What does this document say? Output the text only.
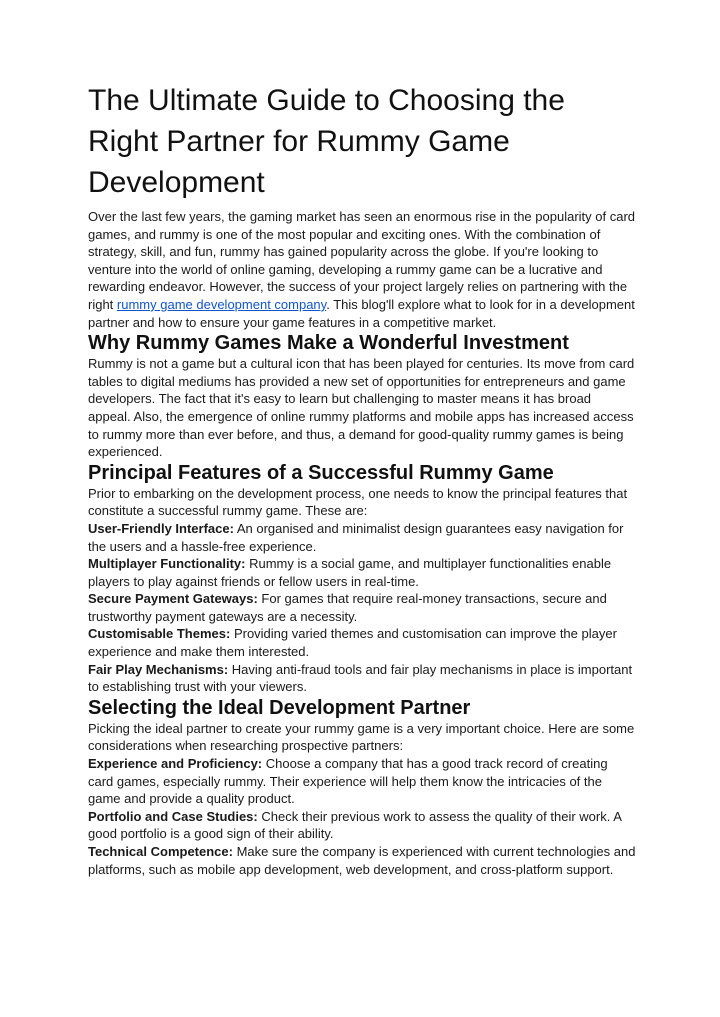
The Ultimate Guide to Choosing the Right Partner for Rummy Game Development

Over the last few years, the gaming market has seen an enormous rise in the popularity of card games, and rummy is one of the most popular and exciting ones. With the combination of strategy, skill, and fun, rummy has gained popularity across the globe. If you're looking to venture into the world of online gaming, developing a rummy game can be a lucrative and rewarding endeavor. However, the success of your project largely relies on partnering with the right rummy game development company. This blog'll explore what to look for in a development partner and how to ensure your game features in a competitive market.

Why Rummy Games Make a Wonderful Investment

Rummy is not a game but a cultural icon that has been played for centuries. Its move from card tables to digital mediums has provided a new set of opportunities for entrepreneurs and game developers. The fact that it's easy to learn but challenging to master means it has broad appeal. Also, the emergence of online rummy platforms and mobile apps has increased access to rummy more than ever before, and thus, a demand for good-quality rummy games is being experienced.

Principal Features of a Successful Rummy Game

Prior to embarking on the development process, one needs to know the principal features that constitute a successful rummy game. These are:

User-Friendly Interface: An organised and minimalist design guarantees easy navigation for the users and a hassle-free experience.

Multiplayer Functionality: Rummy is a social game, and multiplayer functionalities enable players to play against friends or fellow users in real-time.

Secure Payment Gateways: For games that require real-money transactions, secure and trustworthy payment gateways are a necessity.

Customisable Themes: Providing varied themes and customisation can improve the player experience and make them interested.

Fair Play Mechanisms: Having anti-fraud tools and fair play mechanisms in place is important to establishing trust with your viewers.

Selecting the Ideal Development Partner

Picking the ideal partner to create your rummy game is a very important choice. Here are some considerations when researching prospective partners:

Experience and Proficiency: Choose a company that has a good track record of creating card games, especially rummy. Their experience will help them know the intricacies of the game and provide a quality product.

Portfolio and Case Studies: Check their previous work to assess the quality of their work. A good portfolio is a good sign of their ability.

Technical Competence: Make sure the company is experienced with current technologies and platforms, such as mobile app development, web development, and cross-platform support.
